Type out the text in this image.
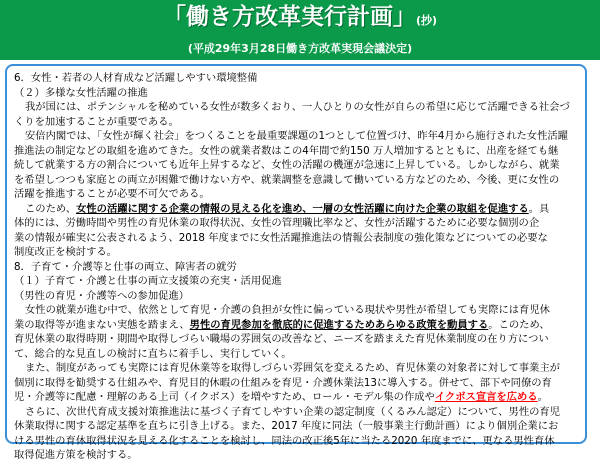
「働き方改革実行計画」(抄)
(平成29年3月28日働き方改革実現会議決定)
6．女性・若者の人材育成など活躍しやすい環境整備
（２）多様な女性活躍の推進
我が国には、ポテンシャルを秘めている女性が数多くおり、一人ひとりの女性が自らの希望に応じて活躍できる社会づ
くりを加速することが重要である。
安倍内閣では、「女性が輝く社会」をつくることを最重要課題の1つとして位置づけ、昨年4月から施行された女性活躍
推進法の制定などの取組を進めてきた。女性の就業者数はこの4年間で約150 万人増加するとともに、出産を経ても継
続して就業する方の割合についても近年上昇するなど、女性の活躍の機運が急速に上昇している。しかしながら、就業
を希望しつつも家庭との両立が困難で働けない方や、就業調整を意識して働いている方などのため、今後、更に女性の
活躍を推進することが必要不可欠である。
このため、女性の活躍に関する企業の情報の見える化を進め、一層の女性活躍に向けた企業の取組を促進する。具
体的には、労働時間や男性の育児休業の取得状況、女性の管理職比率など、女性が活躍するために必要な個別の企
業の情報が確実に公表されるよう、2018 年度までに女性活躍推進法の情報公表制度の強化策などについての必要な
制度改正を検討する。
8．子育て・介護等と仕事の両立、障害者の就労
（１）子育て・介護と仕事の両立支援策の充実・活用促進
（男性の育児・介護等への参加促進）
女性の就業が進む中で、依然として育児・介護の負担が女性に偏っている現状や男性が希望しても実際には育児休
業の取得等が進まない実態を踏まえ、男性の育児参加を徹底的に促進するためあらゆる政策を動員する。このため、
育児休業の取得時期・期間や取得しづらい職場の雰囲気の改善など、ニーズを踏まえた育児休業制度の在り方につい
て、総合的な見直しの検討に直ちに着手し、実行していく。
また、制度があっても実際には育児休業等を取得しづらい雰囲気を変えるため、育児休業の対象者に対して事業主が
個別に取得を勧奨する仕組みや、育児目的休暇の仕組みを育児・介護休業法13に導入する。併せて、部下や同僚の育
児・介護等に配慮・理解のある上司（イクボス）を増やすため、ロール・モデル集の作成やイクボス宣言を広める。
さらに、次世代育成支援対策推進法に基づく子育てしやすい企業の認定制度（くるみん認定）について、男性の育児
休業取得に関する認定基準を直ちに引き上げる。また、2017 年度に同法（一般事業主行動計画）により個別企業にお
ける男性の育休取得状況を見える化することを検討し、同法の改正後5年に当たる2020 年度までに、更なる男性育休
取得促進方策を検討する。
